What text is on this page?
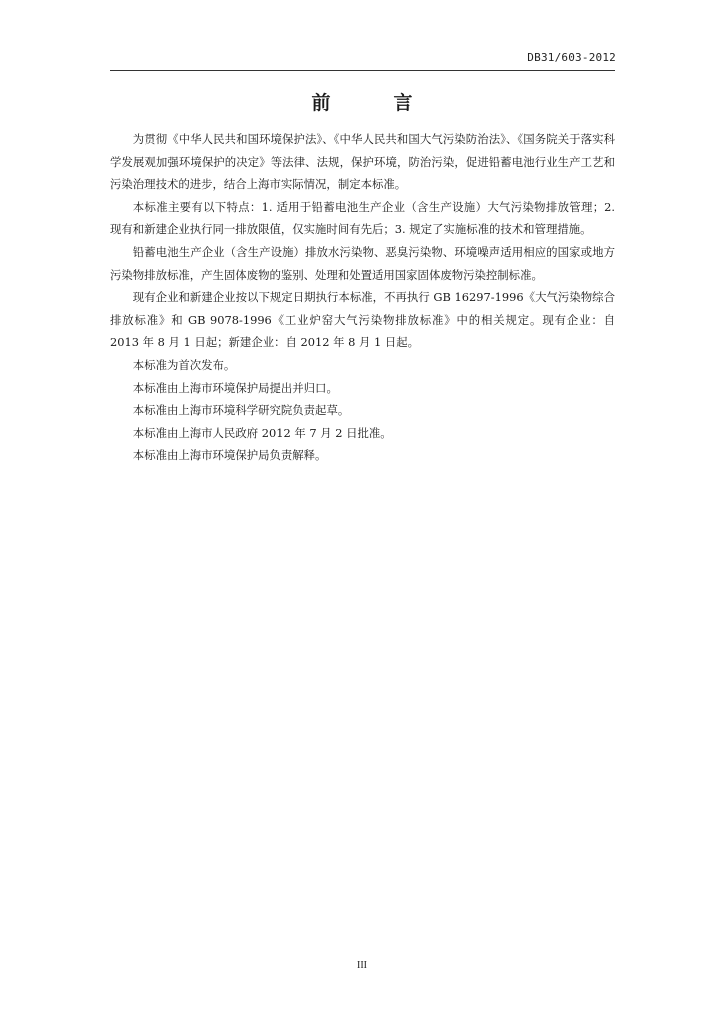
DB31/603-2012
前　言

为贯彻《中华人民共和国环境保护法》、《中华人民共和国大气污染防治法》、《国务院关于落实科学发展观加强环境保护的决定》等法律、法规，保护环境，防治污染，促进铅蓄电池行业生产工艺和污染治理技术的进步，结合上海市实际情况，制定本标准。

本标准主要有以下特点：1. 适用于铅蓄电池生产企业（含生产设施）大气污染物排放管理；2. 现有和新建企业执行同一排放限值，仅实施时间有先后；3. 规定了实施标准的技术和管理措施。

铅蓄电池生产企业（含生产设施）排放水污染物、恶臭污染物、环境噪声适用相应的国家或地方污染物排放标准，产生固体废物的鉴别、处理和处置适用国家固体废物污染控制标准。

现有企业和新建企业按以下规定日期执行本标准，不再执行 GB 16297-1996《大气污染物综合排放标准》和 GB 9078-1996《工业炉窑大气污染物排放标准》中的相关规定。现有企业：自 2013 年 8 月 1 日起；新建企业：自 2012 年 8 月 1 日起。

本标准为首次发布。

本标准由上海市环境保护局提出并归口。

本标准由上海市环境科学研究院负责起草。

本标准由上海市人民政府 2012 年 7 月 2 日批准。

本标准由上海市环境保护局负责解释。

III
